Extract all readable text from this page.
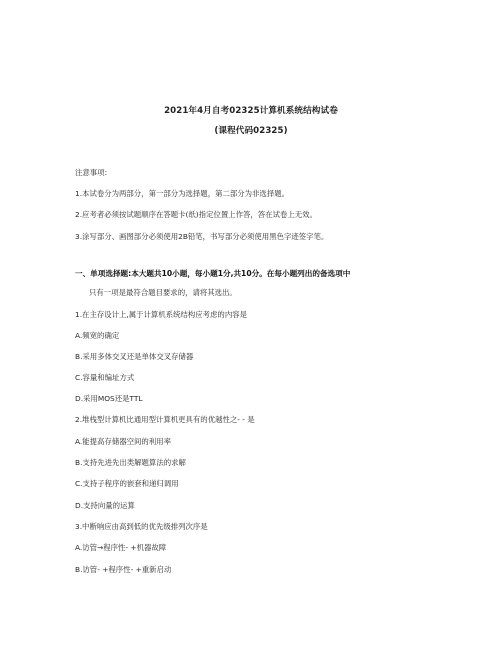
2021年4月自考02325计算机系统结构试卷
(课程代码02325)
注意事项:
1.本试卷分为两部分，第一部分为选择题，第二部分为非选择题。
2.应考者必须按试题顺序在答题卡(纸)指定位置上作答，答在试卷上无效。
3.涂写部分、画图部分必须使用2B铅笔，书写部分必须使用黑色字迹签字笔。
一、单项选择题:本大题共10小题，每小题1分,共10分。在每小题列出的备选项中
只有一项是最符合题目要求的，请将其选出。
1.在主存设计上,属于计算机系统结构应考虑的内容是
A.频宽的确定
B.采用多体交叉还是单体交叉存储器
C.容量和编址方式
D.采用MOS还是TTL
2.堆栈型计算机比通用型计算机更具有的优越性之- - 是
A.能提高存储器空间的利用率
B.支持先进先出类解题算法的求解
C.支持子程序的嵌套和递归调用
D.支持向量的运算
3.中断响应由高到低的优先级排列次序是
A.访管→程序性- +机器故障
B.访管- +程序性- +重新启动
